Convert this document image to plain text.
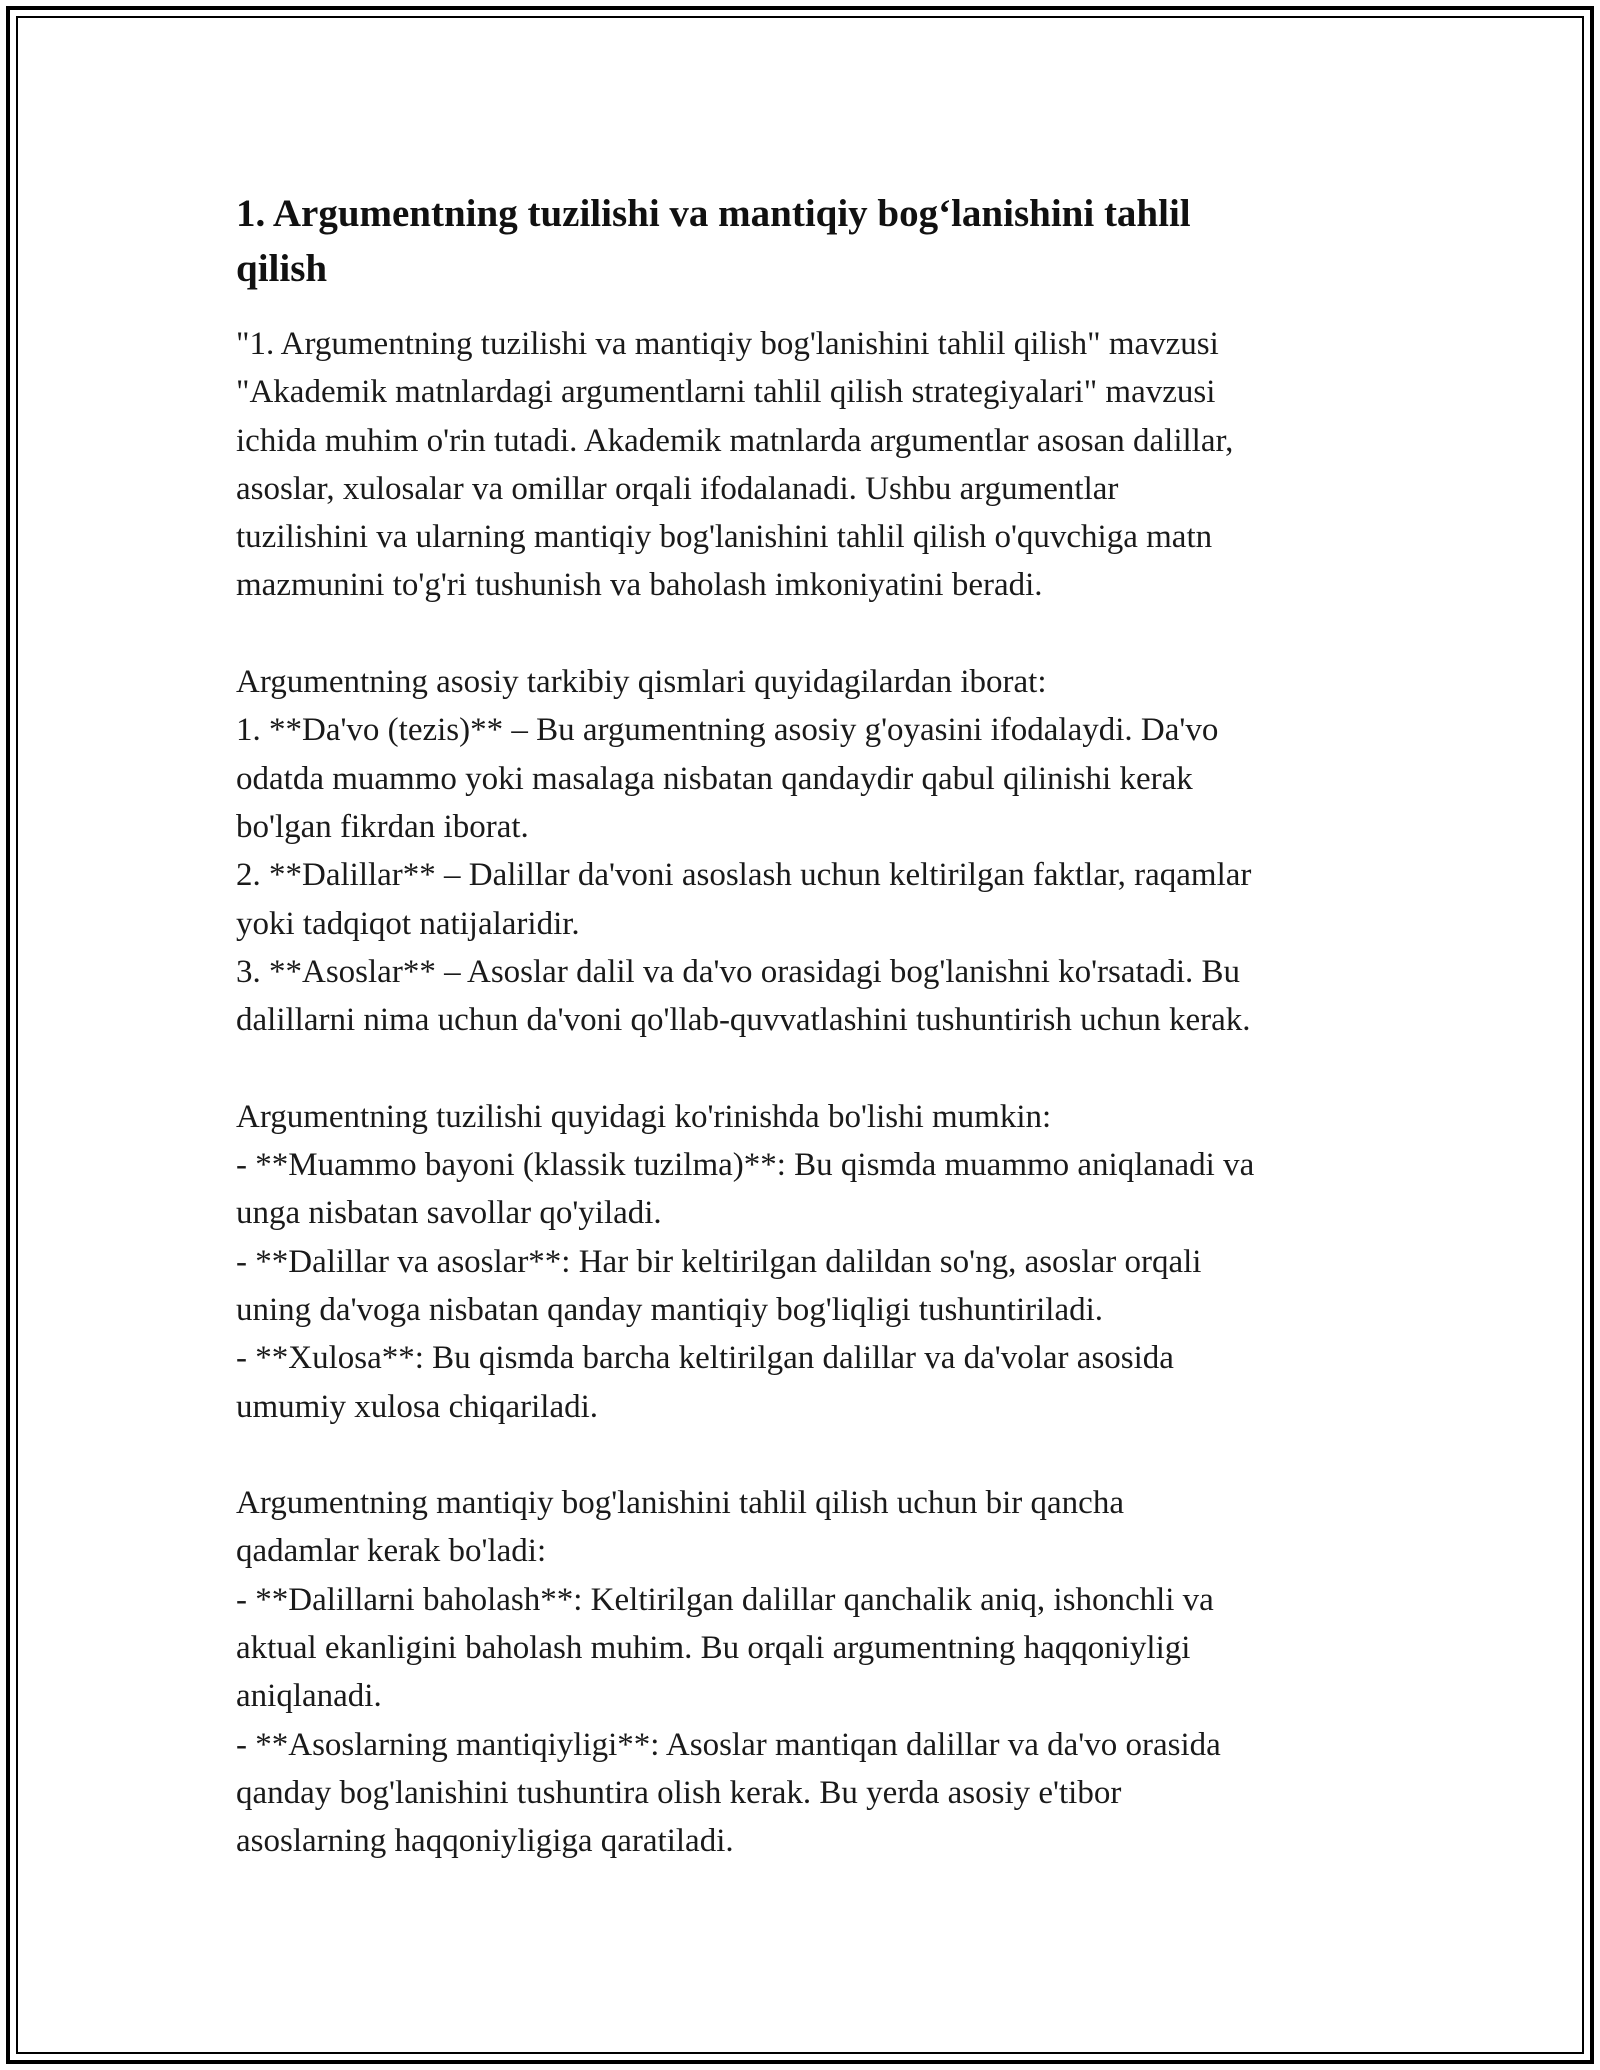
1. Argumentning tuzilishi va mantiqiy bog‘lanishini tahlil
qilish
"1. Argumentning tuzilishi va mantiqiy bog'lanishini tahlil qilish" mavzusi
"Akademik matnlardagi argumentlarni tahlil qilish strategiyalari" mavzusi
ichida muhim o'rin tutadi. Akademik matnlarda argumentlar asosan dalillar,
asoslar, xulosalar va omillar orqali ifodalanadi. Ushbu argumentlar
tuzilishini va ularning mantiqiy bog'lanishini tahlil qilish o'quvchiga matn
mazmunini to'g'ri tushunish va baholash imkoniyatini beradi.
Argumentning asosiy tarkibiy qismlari quyidagilardan iborat:
1. **Da'vo (tezis)** – Bu argumentning asosiy g'oyasini ifodalaydi. Da'vo
odatda muammo yoki masalaga nisbatan qandaydir qabul qilinishi kerak
bo'lgan fikrdan iborat.
2. **Dalillar** – Dalillar da'voni asoslash uchun keltirilgan faktlar, raqamlar
yoki tadqiqot natijalaridir.
3. **Asoslar** – Asoslar dalil va da'vo orasidagi bog'lanishni ko'rsatadi. Bu
dalillarni nima uchun da'voni qo'llab-quvvatlashini tushuntirish uchun kerak.
Argumentning tuzilishi quyidagi ko'rinishda bo'lishi mumkin:
- **Muammo bayoni (klassik tuzilma)**: Bu qismda muammo aniqlanadi va
unga nisbatan savollar qo'yiladi.
- **Dalillar va asoslar**: Har bir keltirilgan dalildan so'ng, asoslar orqali
uning da'voga nisbatan qanday mantiqiy bog'liqligi tushuntiriladi.
- **Xulosa**: Bu qismda barcha keltirilgan dalillar va da'volar asosida
umumiy xulosa chiqariladi.
Argumentning mantiqiy bog'lanishini tahlil qilish uchun bir qancha
qadamlar kerak bo'ladi:
- **Dalillarni baholash**: Keltirilgan dalillar qanchalik aniq, ishonchli va
aktual ekanligini baholash muhim. Bu orqali argumentning haqqoniyligi
aniqlanadi.
- **Asoslarning mantiqiyligi**: Asoslar mantiqan dalillar va da'vo orasida
qanday bog'lanishini tushuntira olish kerak. Bu yerda asosiy e'tibor
asoslarning haqqoniyligiga qaratiladi.
